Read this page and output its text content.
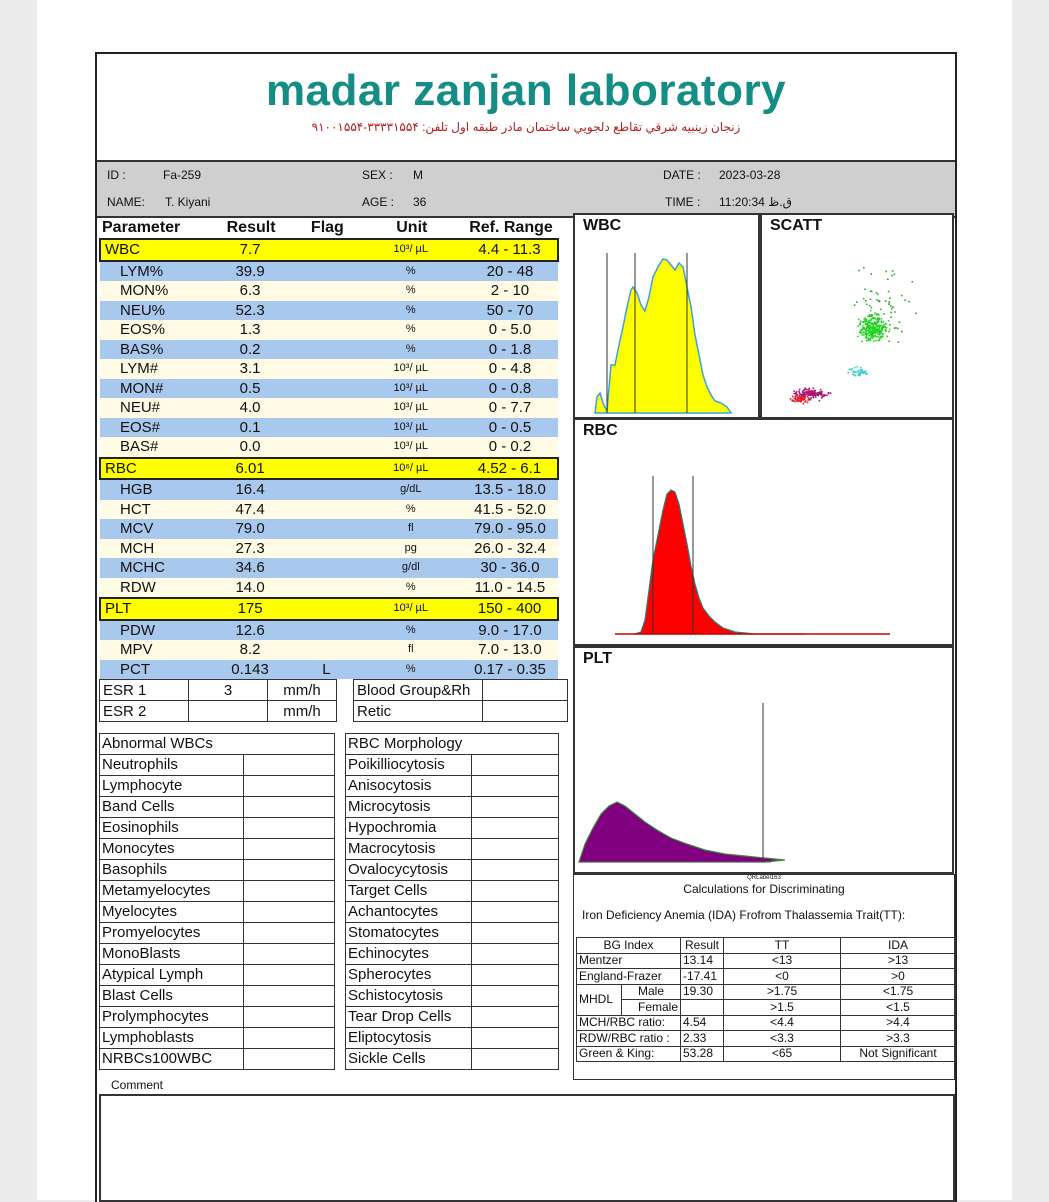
madar zanjan laboratory
زنجان زينبيه شرقي تقاطع دلجويي ساختمان مادر طبقه اول تلفن: ۳۳۳۳۱۵۵۴-۹۱۰۰۱۵۵۴
ID :	Fa-259
NAME: T. Kiyani
SEX : M
AGE : 36
DATE : 2023-03-28
TIME : 11:20:34 ق.ظ
Parameter	Result	Flag	Unit	Ref. Range
WBC	7.7		10³/ µL	4.4 - 11.3
LYM%	39.9		%	20 - 48
MON%	6.3		%	2 - 10
NEU%	52.3		%	50 - 70
EOS%	1.3		%	0 - 5.0
BAS%	0.2		%	0 - 1.8
LYM#	3.1		10³/ µL	0 - 4.8
MON#	0.5		10³/ µL	0 - 0.8
NEU#	4.0		10³/ µL	0 - 7.7
EOS#	0.1		10³/ µL	0 - 0.5
BAS#	0.0		10³/ µL	0 - 0.2
RBC	6.01		10⁶/ µL	4.52 - 6.1
HGB	16.4		g/dL	13.5 - 18.0
HCT	47.4		%	41.5 - 52.0
MCV	79.0		fl	79.0 - 95.0
MCH	27.3		pg	26.0 - 32.4
MCHC	34.6		g/dl	30 - 36.0
RDW	14.0		%	11.0 - 14.5
PLT	175		10³/ µL	150 - 400
PDW	12.6		%	9.0 - 17.0
MPV	8.2		fl	7.0 - 13.0
PCT	0.143	L	%	0.17 - 0.35
ESR 1	3	mm/h		Blood Group&Rh	
ESR 2		mm/h		Retic	
Abnormal WBCs	
Neutrophils	
Lymphocyte	
Band Cells	
Eosinophils	
Monocytes	
Basophils	
Metamyelocytes	
Myelocytes	
Promyelocytes	
MonoBlasts	
Atypical Lymph	
Blast Cells	
Prolymphocytes	
Lymphoblasts	
NRBCs100WBC	
RBC Morphology	
Poikilliocytosis	
Anisocytosis	
Microcytosis	
Hypochromia	
Macrocytosis	
Ovalocycytosis	
Target Cells	
Achantocytes	
Stomatocytes	
Echinocytes	
Spherocytes	
Schistocytosis	
Tear Drop Cells	
Eliptocytosis	
Sickle Cells	
WBC	SCATT
RBC
PLT
QRLabel163
Calculations for Discriminating
Iron Deficiency Anemia (IDA) Frofrom Thalassemia Trait(TT):
BG Index		Result	TT	IDA
Mentzer		13.14	<13	>13
England-Frazer		-17.41	<0	>0
MHDL	Male	19.30	>1.75	<1.75
	Female		>1.5	<1.5
MCH/RBC ratio:		4.54	<4.4	>4.4
RDW/RBC ratio :		2.33	<3.3	>3.3
Green & King:		53.28	<65	Not Significant
Comment
